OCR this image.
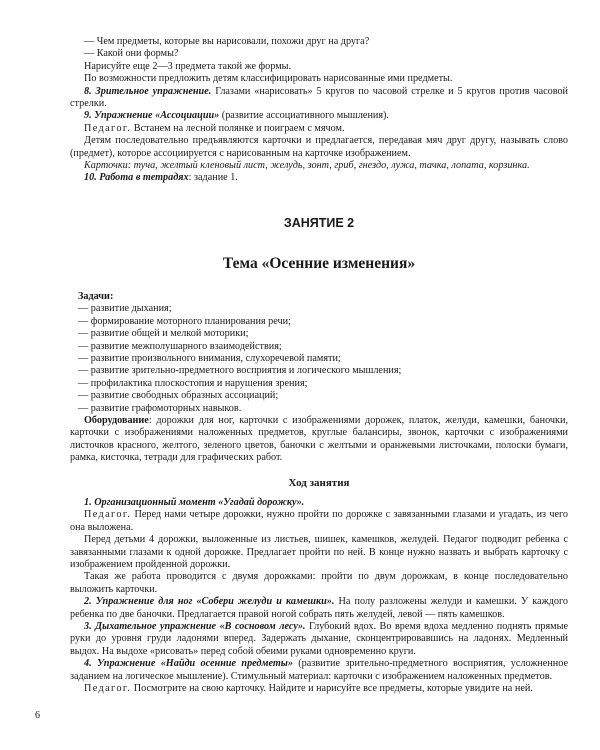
— Чем предметы, которые вы нарисовали, похожи друг на друга?

— Какой они формы?

Нарисуйте еще 2—3 предмета такой же формы.

По возможности предложить детям классифицировать нарисованные ими предметы.

8. Зрительное упражнение. Глазами «нарисовать» 5 кругов по часовой стрелке и 5 кругов против часовой стрелки.

9. Упражнение «Ассоциации» (развитие ассоциативного мышления).

Педагог. Встанем на лесной полянке и поиграем с мячом.

Детям последовательно предъявляются карточки и предлагается, передавая мяч друг другу, называть слово (предмет), которое ассоциируется с нарисованным на карточке изображением.

Карточки: туча, желтый кленовый лист, желудь, зонт, гриб, гнездо, лужа, тачка, лопата, корзинка.

10. Работа в тетрадях: задание 1.

ЗАНЯТИЕ 2
Тема «Осенние изменения»

Задачи:

— развитие дыхания;

— формирование моторного планирования речи;

— развитие общей и мелкой моторики;

— развитие межполушарного взаимодействия;

— развитие произвольного внимания, слухоречевой памяти;

— развитие зрительно-предметного восприятия и логического мышления;

— профилактика плоскостопия и нарушения зрения;

— развитие свободных образных ассоциаций;

— развитие графомоторных навыков.

Оборудование: дорожки для ног, карточки с изображениями дорожек, платок, желуди, камешки, баночки, карточки с изображениями наложенных предметов, круглые балансиры, звонок, карточки с изображениями листочков красного, желтого, зеленого цветов, баночки с желтыми и оранжевыми листочками, полоски бумаги, рамка, кисточка, тетради для графических работ.

Ход занятия

1. Организационный момент «Угадай дорожку».

Педагог. Перед нами четыре дорожки, нужно пройти по дорожке с завязанными глазами и угадать, из чего она выложена.

Перед детьми 4 дорожки, выложенные из листьев, шишек, камешков, желудей. Педагог подводит ребенка с завязанными глазами к одной дорожке. Предлагает пройти по ней. В конце нужно назвать и выбрать карточку с изображением пройденной дорожки.

Такая же работа проводится с двумя дорожками: пройти по двум дорожкам, в конце последовательно выложить карточки.

2. Упражнение для ног «Собери желуди и камешки». На полу разложены желуди и камешки. У каждого ребенка по две баночки. Предлагается правой ногой собрать пять желудей, левой — пять камешков.

3. Дыхательное упражнение «В сосновом лесу». Глубокий вдох. Во время вдоха медленно поднять прямые руки до уровня груди ладонями вперед. Задержать дыхание, сконцентрировавшись на ладонях. Медленный выдох. На выдохе «рисовать» перед собой обеими руками одновременно круги.

4. Упражнение «Найди осенние предметы» (развитие зрительно-предметного восприятия, усложненное заданием на логическое мышление). Стимульный материал: карточки с изображением наложенных предметов.

Педагог. Посмотрите на свою карточку. Найдите и нарисуйте все предметы, которые увидите на ней.

6
